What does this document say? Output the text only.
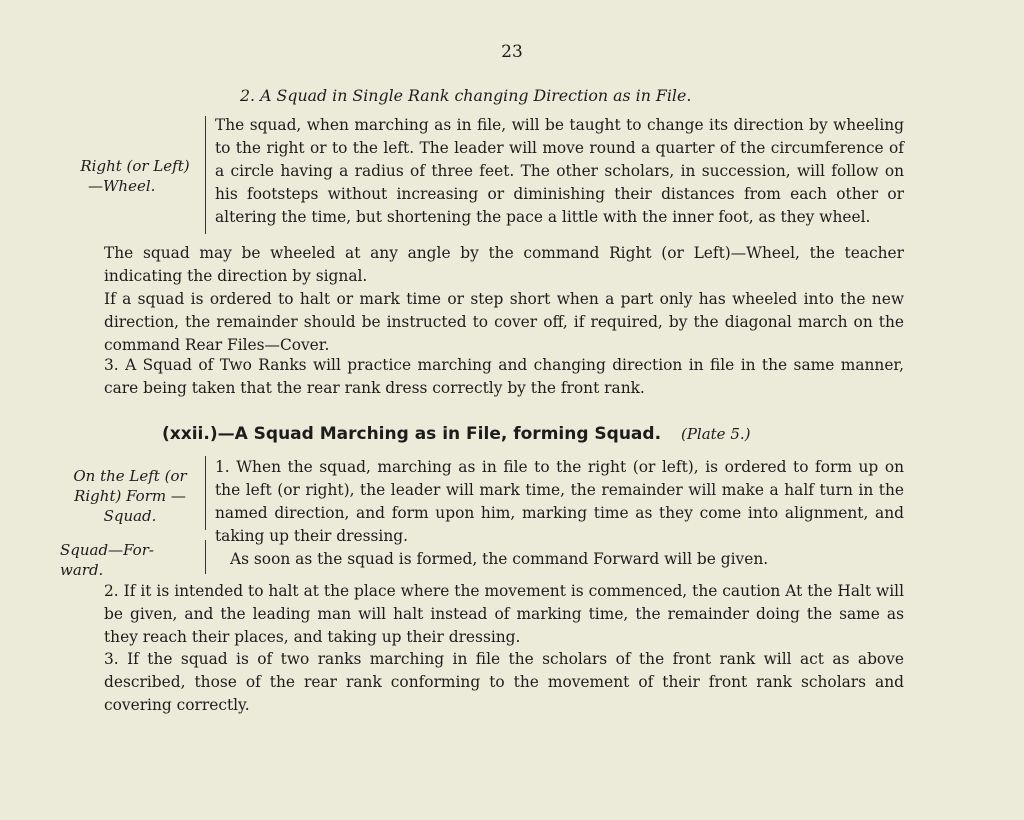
23
2. A Squad in Single Rank changing Direction as in File.
Right (or Left)
—Wheel.

The squad, when marching as in file, will be taught to change its direction by wheeling to the right or to the left. The leader will move round a quarter of the circumference of a circle having a radius of three feet. The other scholars, in succession, will follow on his footsteps without increasing or diminishing their distances from each other or altering the time, but shortening the pace a little with the inner foot, as they wheel.

The squad may be wheeled at any angle by the command Right (or Left)—Wheel, the teacher indicating the direction by signal.

If a squad is ordered to halt or mark time or step short when a part only has wheeled into the new direction, the remainder should be instructed to cover off, if required, by the diagonal march on the command Rear Files—Cover.

3. A Squad of Two Ranks will practice marching and changing direction in file in the same manner, care being taken that the rear rank dress correctly by the front rank.

(xxii.)—A Squad Marching as in File, forming Squad. (Plate 5.)
On the Left (or Right) Form —Squad.
Squad—For- ward.

1. When the squad, marching as in file to the right (or left), is ordered to form up on the left (or right), the leader will mark time, the remainder will make a half turn in the named direction, and form upon him, marking time as they come into alignment, and taking up their dressing.

As soon as the squad is formed, the command Forward will be given.

2. If it is intended to halt at the place where the movement is commenced, the caution At the Halt will be given, and the leading man will halt instead of marking time, the remainder doing the same as they reach their places, and taking up their dressing.

3. If the squad is of two ranks marching in file the scholars of the front rank will act as above described, those of the rear rank conforming to the movement of their front rank scholars and covering correctly.
